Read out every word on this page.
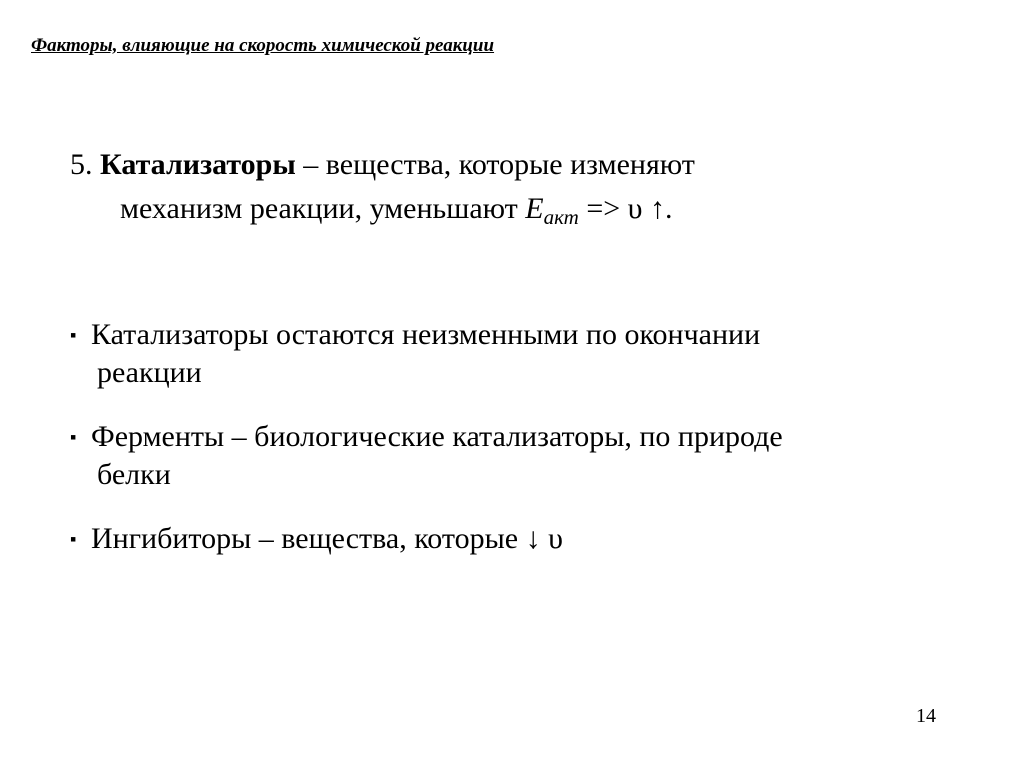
Факторы, влияющие на скорость химической реакции
5. Катализаторы – вещества, которые изменяют
механизм реакции, уменьшают $E_{акт} => \upsilon$ ↑.
▪ Катализаторы остаются неизменными по окончании
реакции
▪ Ферменты – биологические катализаторы, по природе
белки
▪ Ингибиторы – вещества, которые ↓ υ
14
